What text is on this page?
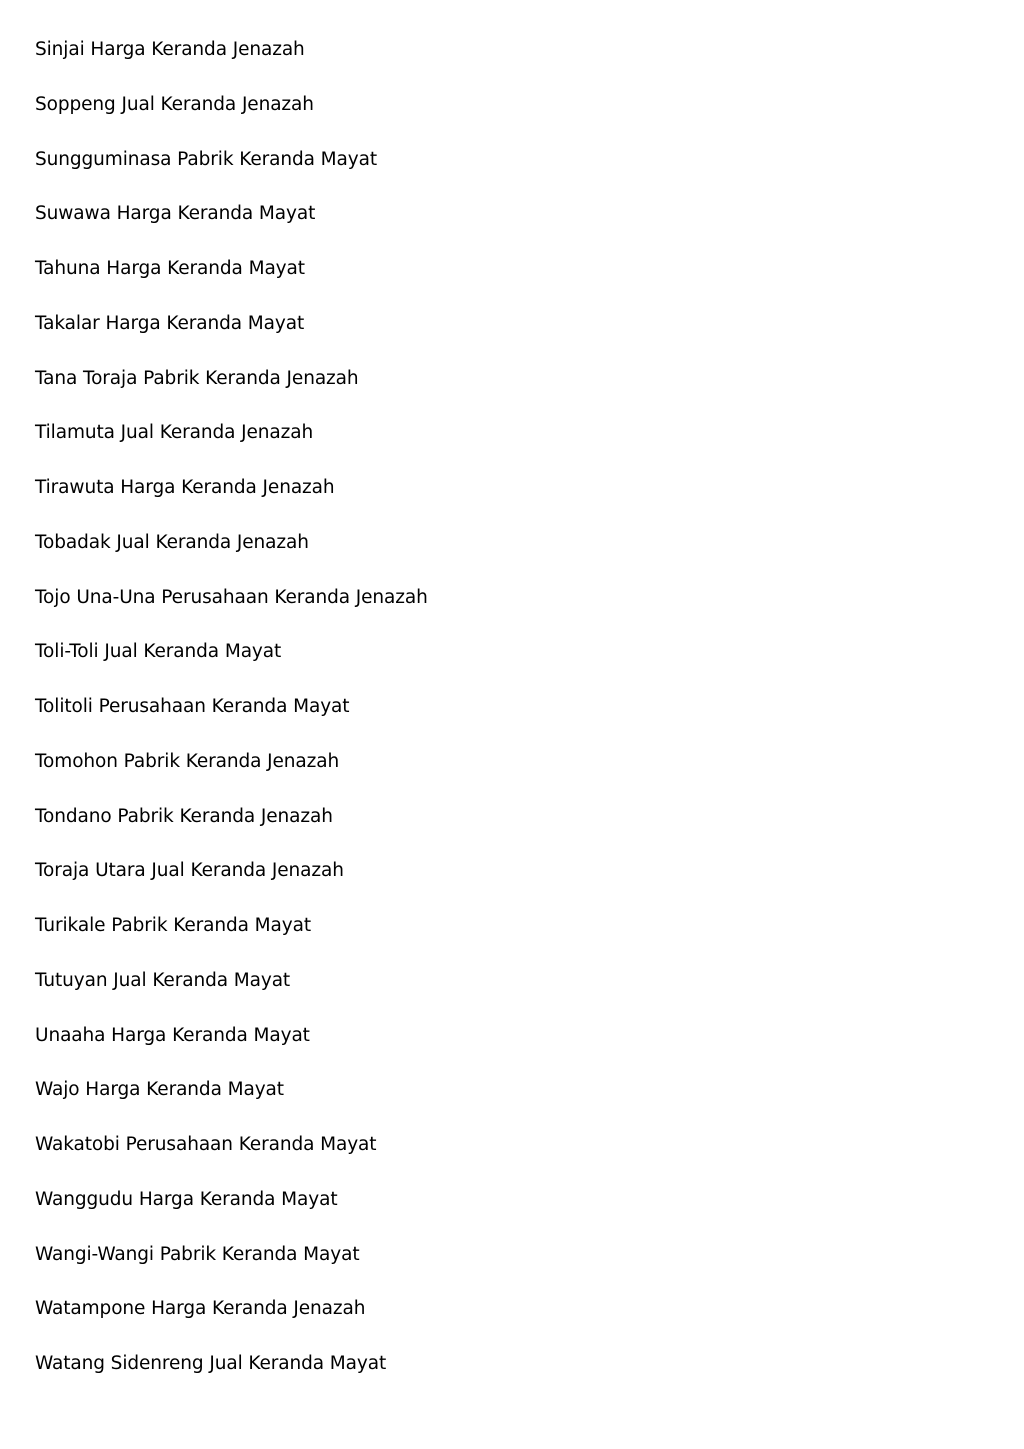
Sinjai Harga Keranda Jenazah
Soppeng Jual Keranda Jenazah
Sungguminasa Pabrik Keranda Mayat
Suwawa Harga Keranda Mayat
Tahuna Harga Keranda Mayat
Takalar Harga Keranda Mayat
Tana Toraja Pabrik Keranda Jenazah
Tilamuta Jual Keranda Jenazah
Tirawuta Harga Keranda Jenazah
Tobadak Jual Keranda Jenazah
Tojo Una-Una Perusahaan Keranda Jenazah
Toli-Toli Jual Keranda Mayat
Tolitoli Perusahaan Keranda Mayat
Tomohon Pabrik Keranda Jenazah
Tondano Pabrik Keranda Jenazah
Toraja Utara Jual Keranda Jenazah
Turikale Pabrik Keranda Mayat
Tutuyan Jual Keranda Mayat
Unaaha Harga Keranda Mayat
Wajo Harga Keranda Mayat
Wakatobi Perusahaan Keranda Mayat
Wanggudu Harga Keranda Mayat
Wangi-Wangi Pabrik Keranda Mayat
Watampone Harga Keranda Jenazah
Watang Sidenreng Jual Keranda Mayat
